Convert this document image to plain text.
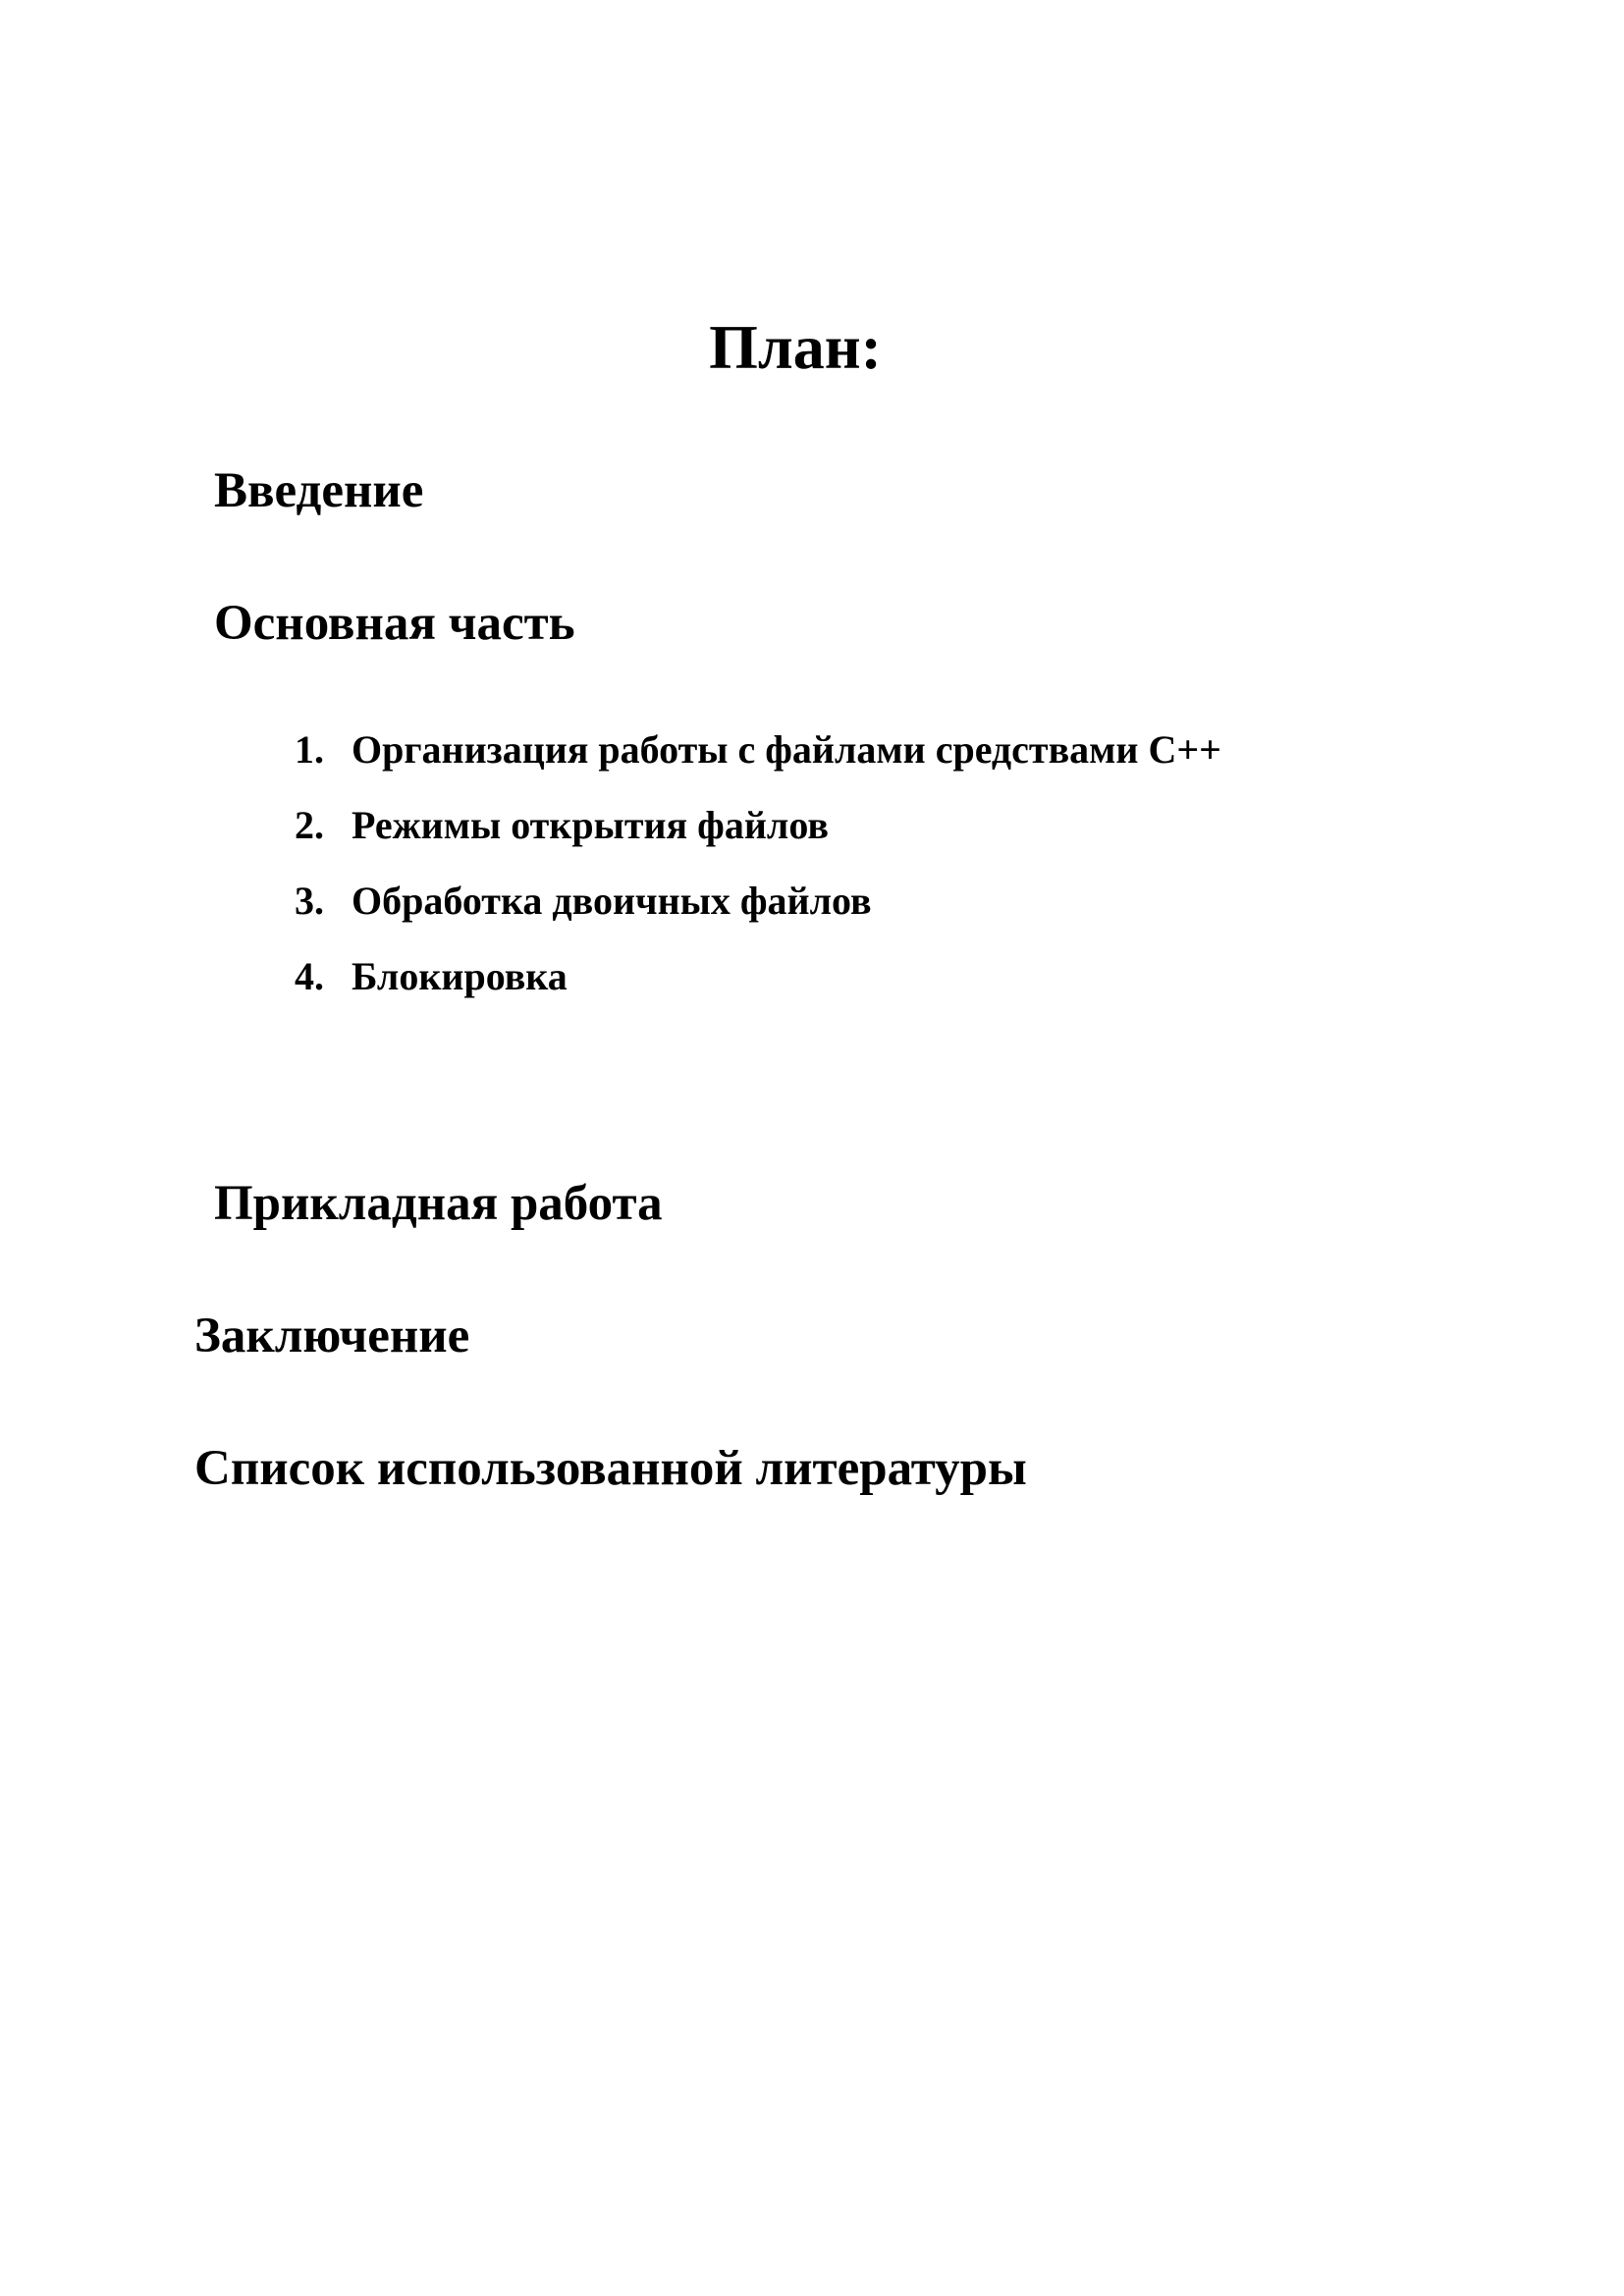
План:
Введение
Основная часть
1. Организация работы с файлами средствами C++
2. Режимы открытия файлов
3. Обработка двоичных файлов
4. Блокировка
Прикладная работа
Заключение
Список использованной литературы
